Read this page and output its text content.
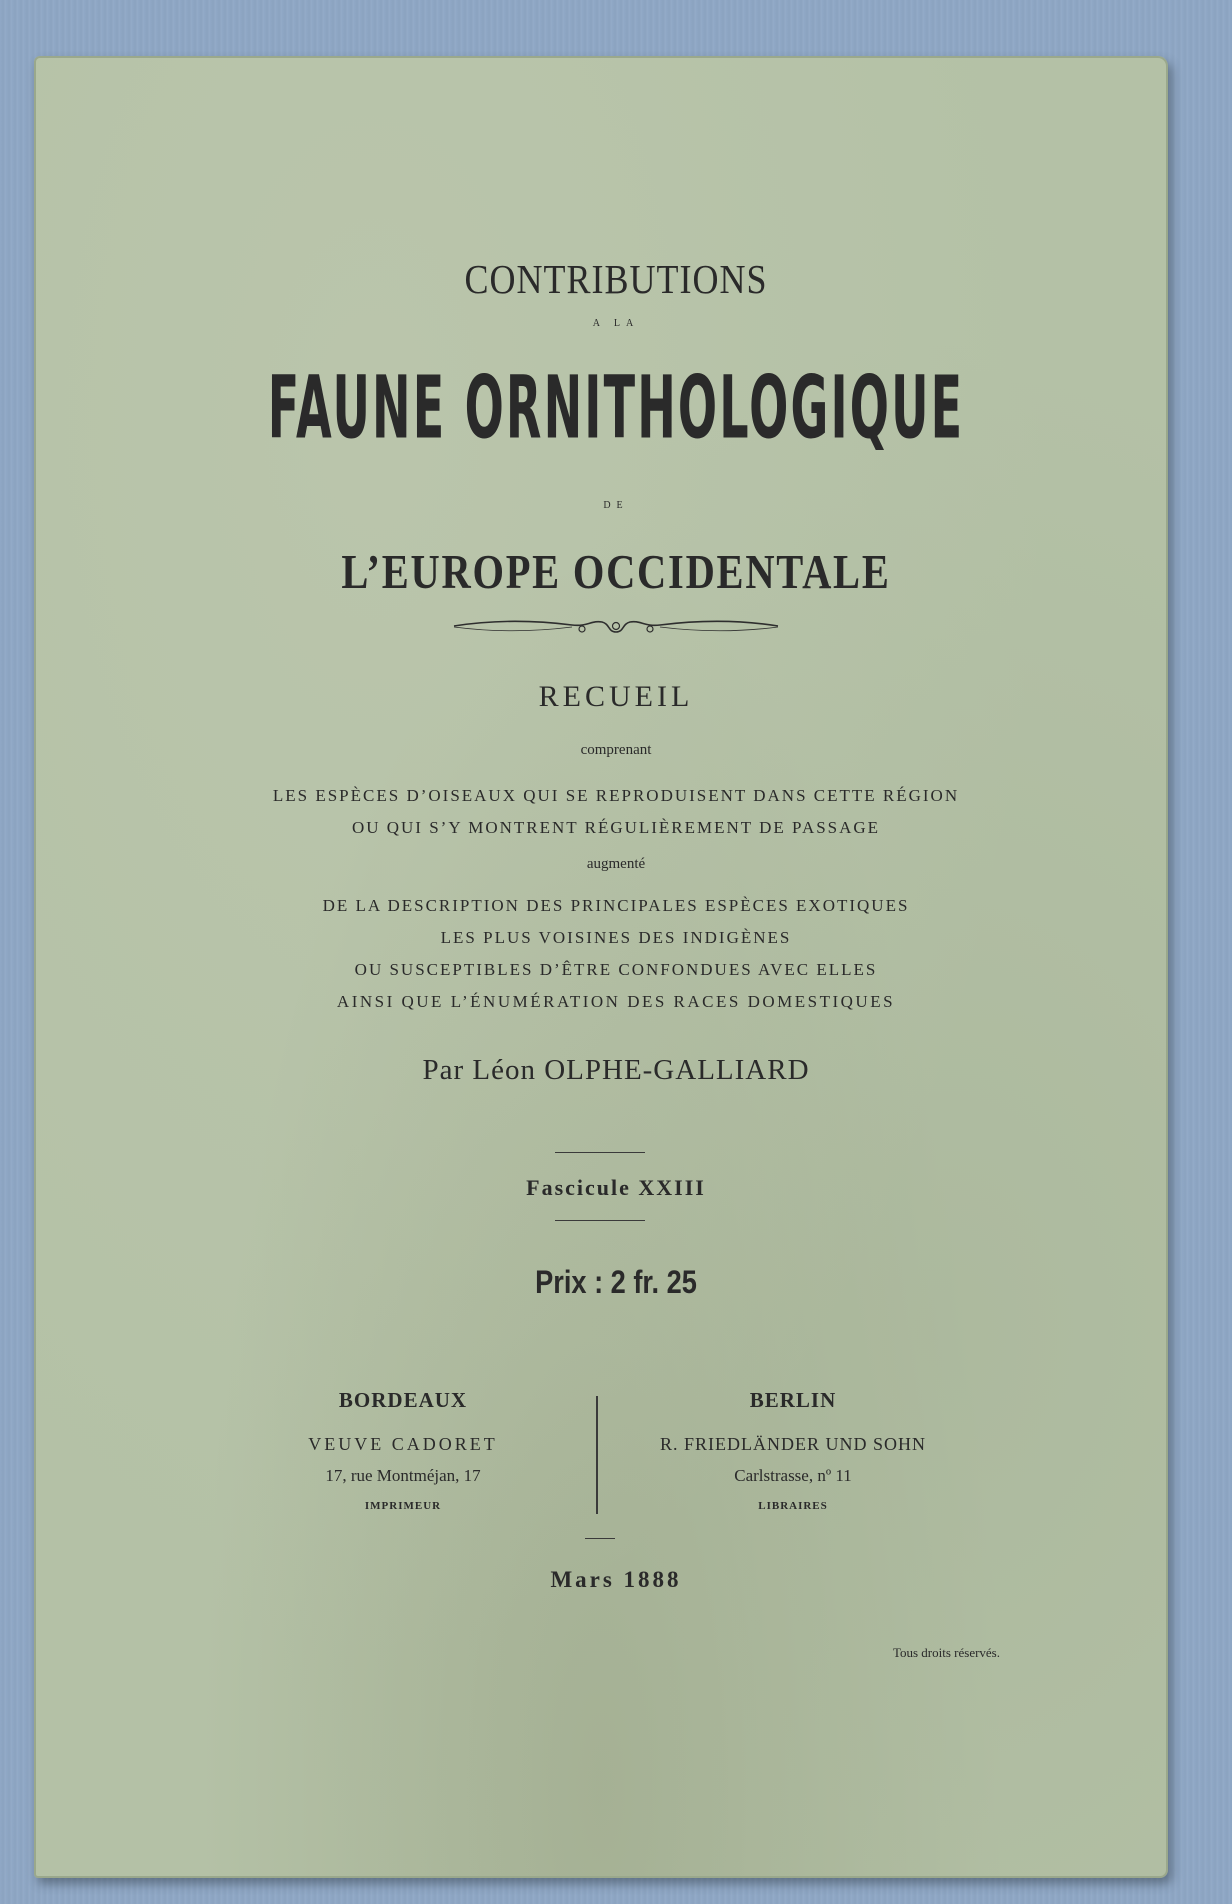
CONTRIBUTIONS
A LA
FAUNE ORNITHOLOGIQUE
DE
L’EUROPE OCCIDENTALE
RECUEIL
comprenant
LES ESPÈCES D’OISEAUX QUI SE REPRODUISENT DANS CETTE RÉGION
OU QUI S’Y MONTRENT RÉGULIÈREMENT DE PASSAGE
augmenté
DE LA DESCRIPTION DES PRINCIPALES ESPÈCES EXOTIQUES
LES PLUS VOISINES DES INDIGÈNES
OU SUSCEPTIBLES D’ÊTRE CONFONDUES AVEC ELLES
AINSI QUE L’ÉNUMÉRATION DES RACES DOMESTIQUES
Par Léon OLPHE-GALLIARD
Fascicule XXIII
Prix : 2 fr. 25
BORDEAUX
VEUVE CADORET
17, rue Montméjan, 17
IMPRIMEUR
BERLIN
R. FRIEDLÄNDER UND SOHN
Carlstrasse, nº 11
LIBRAIRES
Mars 1888
Tous droits réservés.
